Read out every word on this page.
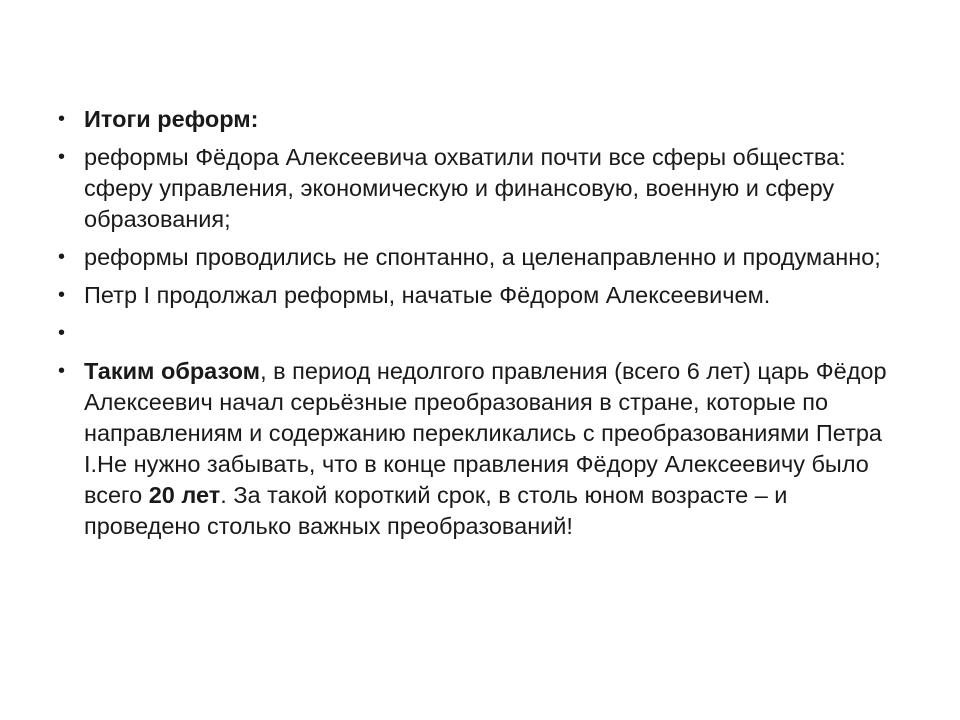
• Итоги реформ:
• реформы Фёдора Алексеевича охватили почти все сферы общества: сферу управления, экономическую и финансовую, военную и сферу образования;
• реформы проводились не спонтанно, а целенаправленно и продуманно;
• Петр I продолжал реформы, начатые Фёдором Алексеевичем.
•
• Таким образом, в период недолгого правления (всего 6 лет) царь Фёдор Алексеевич начал серьёзные преобразования в стране, которые по направлениям и содержанию перекликались с преобразованиями Петра I.Не нужно забывать, что в конце правления Фёдору Алексеевичу было всего 20 лет. За такой короткий срок, в столь юном возрасте – и проведено столько важных преобразований!
